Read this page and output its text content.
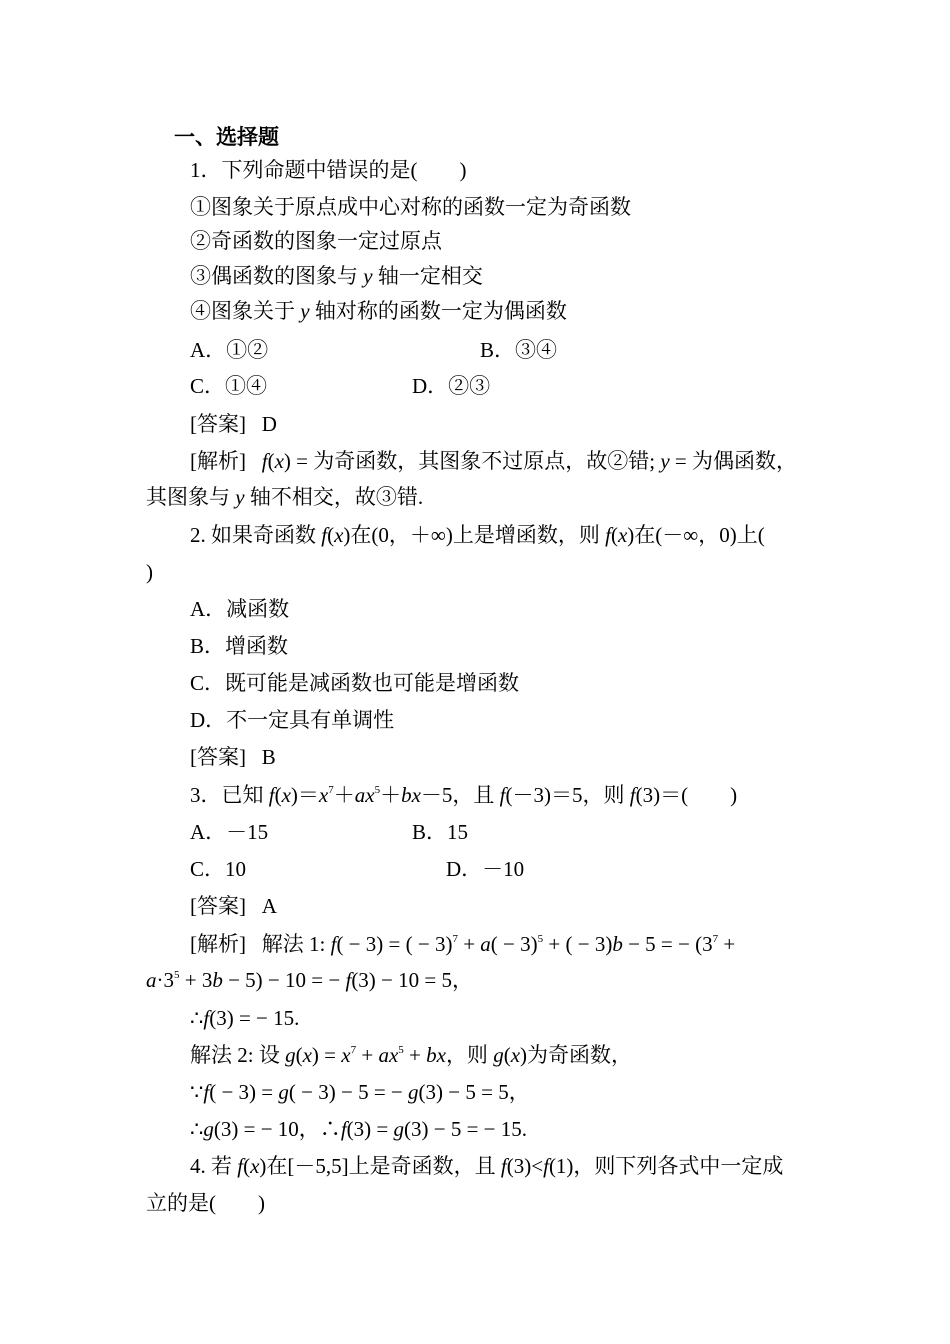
一、选择题
1．下列命题中错误的是(　　)
①图象关于原点成中心对称的函数一定为奇函数
②奇函数的图象一定过原点
③偶函数的图象与 y 轴一定相交
④图象关于 y 轴对称的函数一定为偶函数
A．①②	B．③④
C．①④	D．②③
[答案] D
[解析] f(x) = 为奇函数，其图象不过原点，故②错; y = 为偶函数，
其图象与 y 轴不相交，故③错.
2. 如果奇函数 f(x)在(0，＋∞)上是增函数，则 f(x)在(－∞，0)上(
)
A．减函数
B．增函数
C．既可能是减函数也可能是增函数
D．不一定具有单调性
[答案] B
3．已知 $f(x)=x^7+ax^5+bx-5$，且 f(－3)＝5，则 f(3)＝(　　)
A．－15	B．15
C．10	D．－10
[答案] A
[解析] 解法 1: f( − 3) = ( − $3)^7 + a( - 3)^5$ + ( − 3)b − 5 = − ($3^7$ +
$a\cdot 3^5 + 3b - 5) - 10$ = − f(3) − 10 = 5，
∴f(3) = − 15.
解法 2: 设 $g(x) = x^7 + ax^5$ + bx，则 g(x)为奇函数，
∵f( − 3) = g( − 3) − 5 = − g(3) − 5 = 5，
∴g(3) = − 10，∴f(3) = g(3) − 5 = − 15.
4. 若 f(x)在[－5,5]上是奇函数，且 f(3)<f(1)，则下列各式中一定成
立的是(　　)
